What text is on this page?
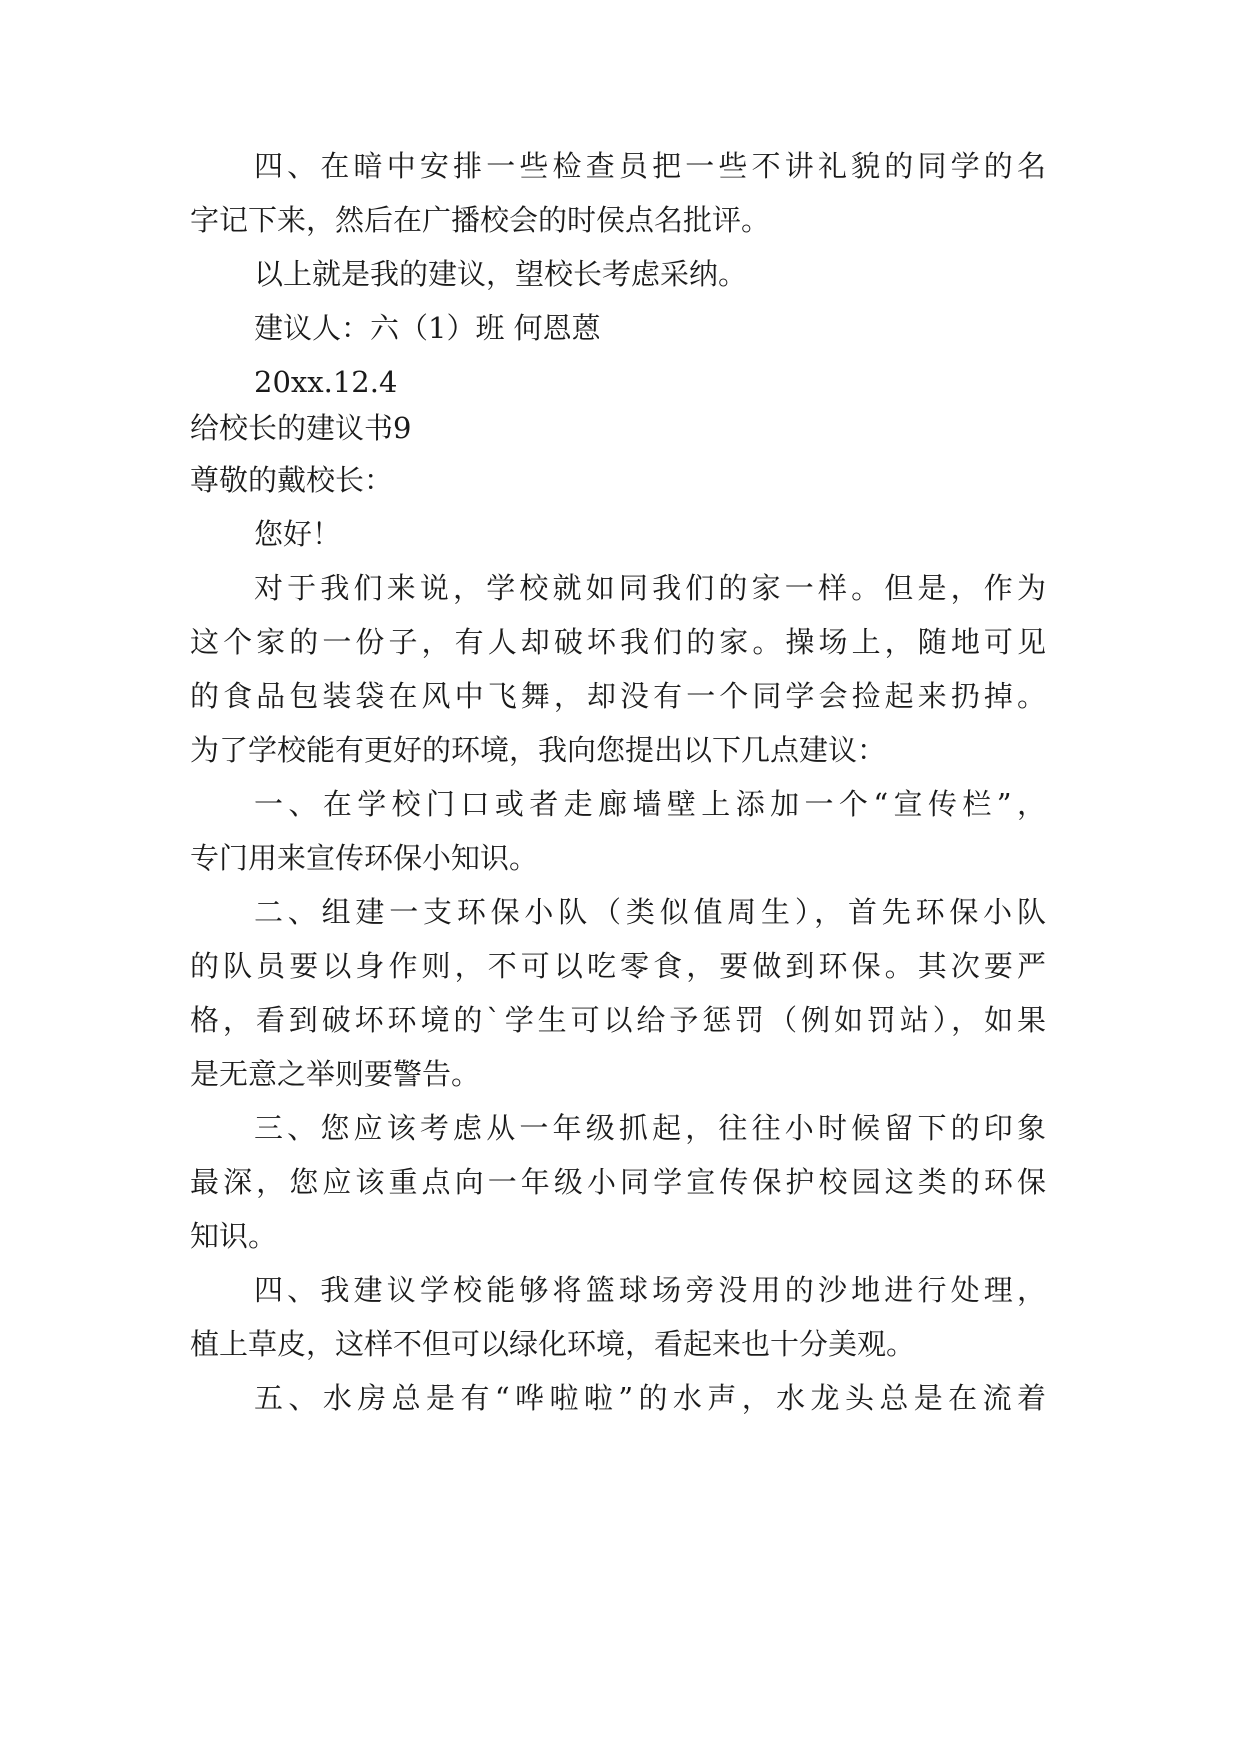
四、在暗中安排一些检查员把一些不讲礼貌的同学的名
字记下来，然后在广播校会的时侯点名批评。
以上就是我的建议，望校长考虑采纳。
建议人：六（1）班 何恩蒽
20xx.12.4
给校长的建议书9
尊敬的戴校长：
您好！
对于我们来说，学校就如同我们的家一样。但是，作为
这个家的一份子，有人却破坏我们的家。操场上，随地可见
的食品包装袋在风中飞舞，却没有一个同学会捡起来扔掉。
为了学校能有更好的环境，我向您提出以下几点建议：
一、在学校门口或者走廊墙壁上添加一个“宣传栏”，
专门用来宣传环保小知识。
二、组建一支环保小队（类似值周生），首先环保小队
的队员要以身作则，不可以吃零食，要做到环保。其次要严
格，看到破坏环境的`学生可以给予惩罚（例如罚站），如果
是无意之举则要警告。
三、您应该考虑从一年级抓起，往往小时候留下的印象
最深，您应该重点向一年级小同学宣传保护校园这类的环保
知识。
四、我建议学校能够将篮球场旁没用的沙地进行处理，
植上草皮，这样不但可以绿化环境，看起来也十分美观。
五、水房总是有“哗啦啦”的水声，水龙头总是在流着
